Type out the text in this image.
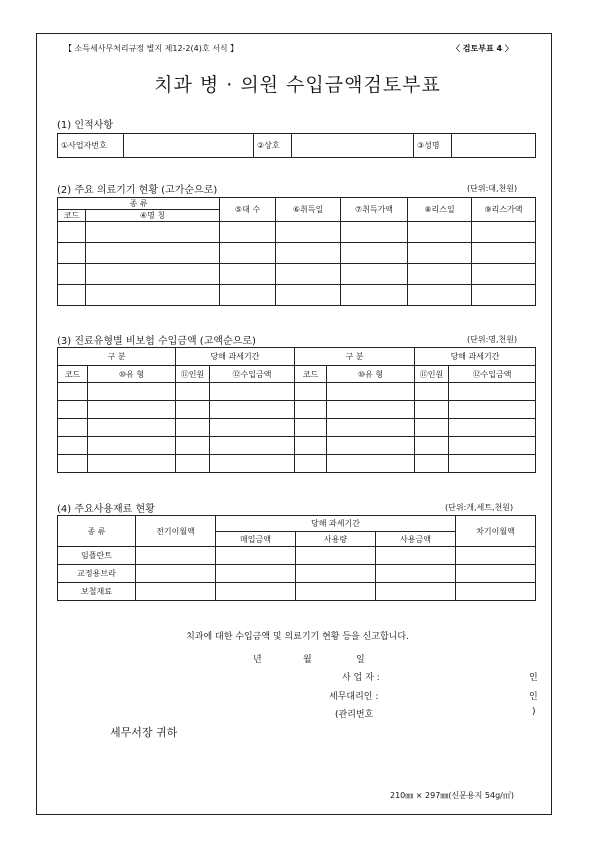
【 소득세사무처리규정 별지 제12-2(4)호 서식 】	〈 검토부표 4 〉
치과 병 · 의원 수입금액검토부표
(1) 인적사항
①사업자번호		②상호		③성명	
(2) 주요 의료기기 현황 (고가순으로)	(단위:대,천원)
종 류		⑤대 수	⑥취득일	⑦취득가액	⑧리스일	⑨리스가액
코드	④명 칭					

(3) 진료유형별 비보험 수입금액 (고액순으로)	(단위:명,천원)
구 분		당해 과세기간		구 분		당해 과세기간	
코드	⑩유 형	⑪인원	⑫수입금액	코드	⑩유 형	⑪인원	⑫수입금액

(4) 주요사용재료 현황	(단위:개,세트,천원)
종 류	전기이월액	당해 과세기간			차기이월액
		매입금액	사용량	사용금액	
임플란트					
교정용브라					
보철재료					
치과에 대한 수입금액 및 의료기기 현황 등을 신고합니다.
년	월	일
사 업 자 :	인
세무대리인 :	인
(관리번호	)
세무서장 귀하
210㎜ × 297㎜(신문용지 54g/㎡)
